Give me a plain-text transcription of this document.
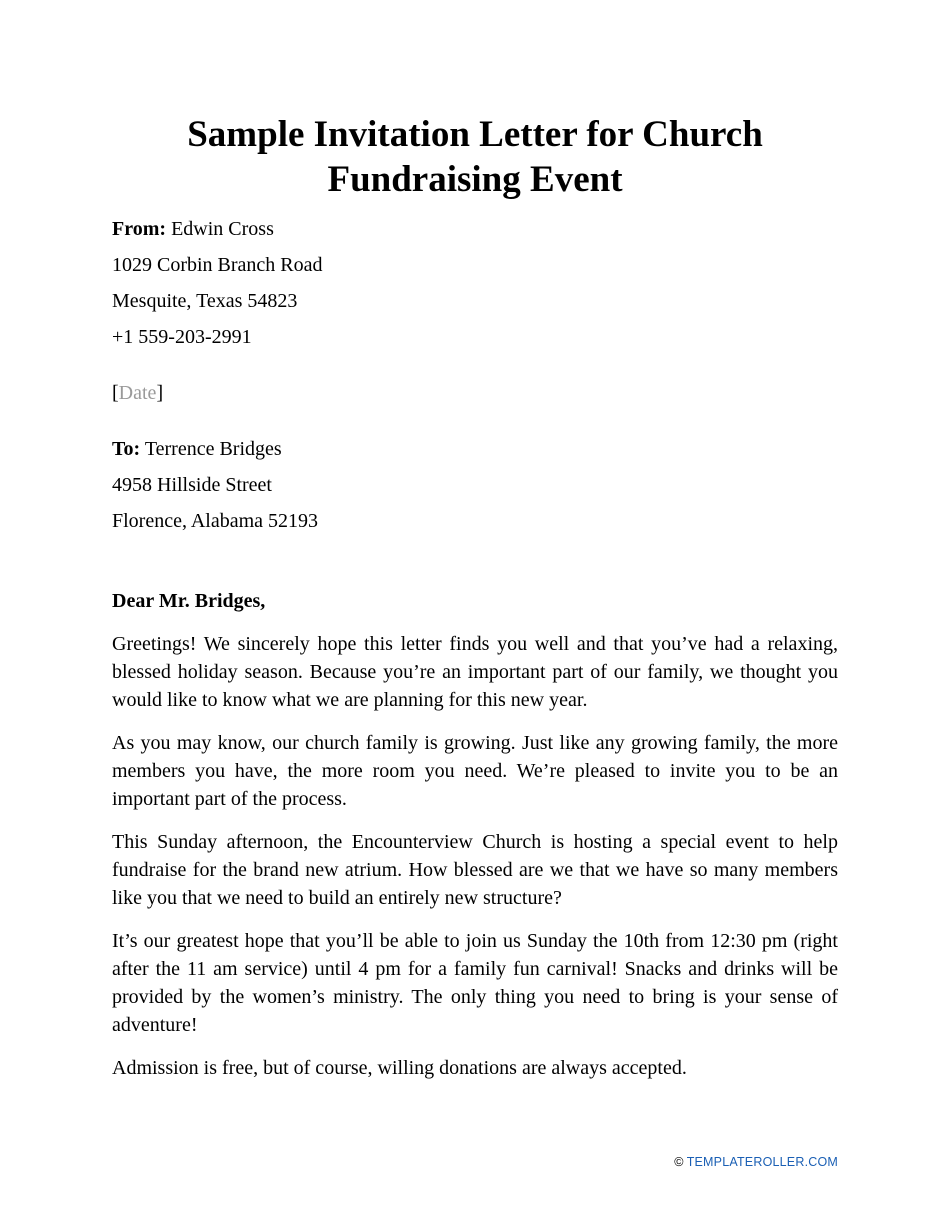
Sample Invitation Letter for Church
Fundraising Event

From: Edwin Cross

1029 Corbin Branch Road

Mesquite, Texas 54823

+1 559-203-2991

[Date]

To: Terrence Bridges

4958 Hillside Street

Florence, Alabama 52193

Dear Mr. Bridges,

Greetings! We sincerely hope this letter finds you well and that you’ve had a relaxing, blessed holiday season. Because you’re an important part of our family, we thought you would like to know what we are planning for this new year.

As you may know, our church family is growing. Just like any growing family, the more members you have, the more room you need. We’re pleased to invite you to be an important part of the process.

This Sunday afternoon, the Encounterview Church is hosting a special event to help fundraise for the brand new atrium. How blessed are we that we have so many members like you that we need to build an entirely new structure?

It’s our greatest hope that you’ll be able to join us Sunday the 10th from 12:30 pm (right after the 11 am service) until 4 pm for a family fun carnival! Snacks and drinks will be provided by the women’s ministry. The only thing you need to bring is your sense of adventure!

Admission is free, but of course, willing donations are always accepted.

© TEMPLATEROLLER.COM
